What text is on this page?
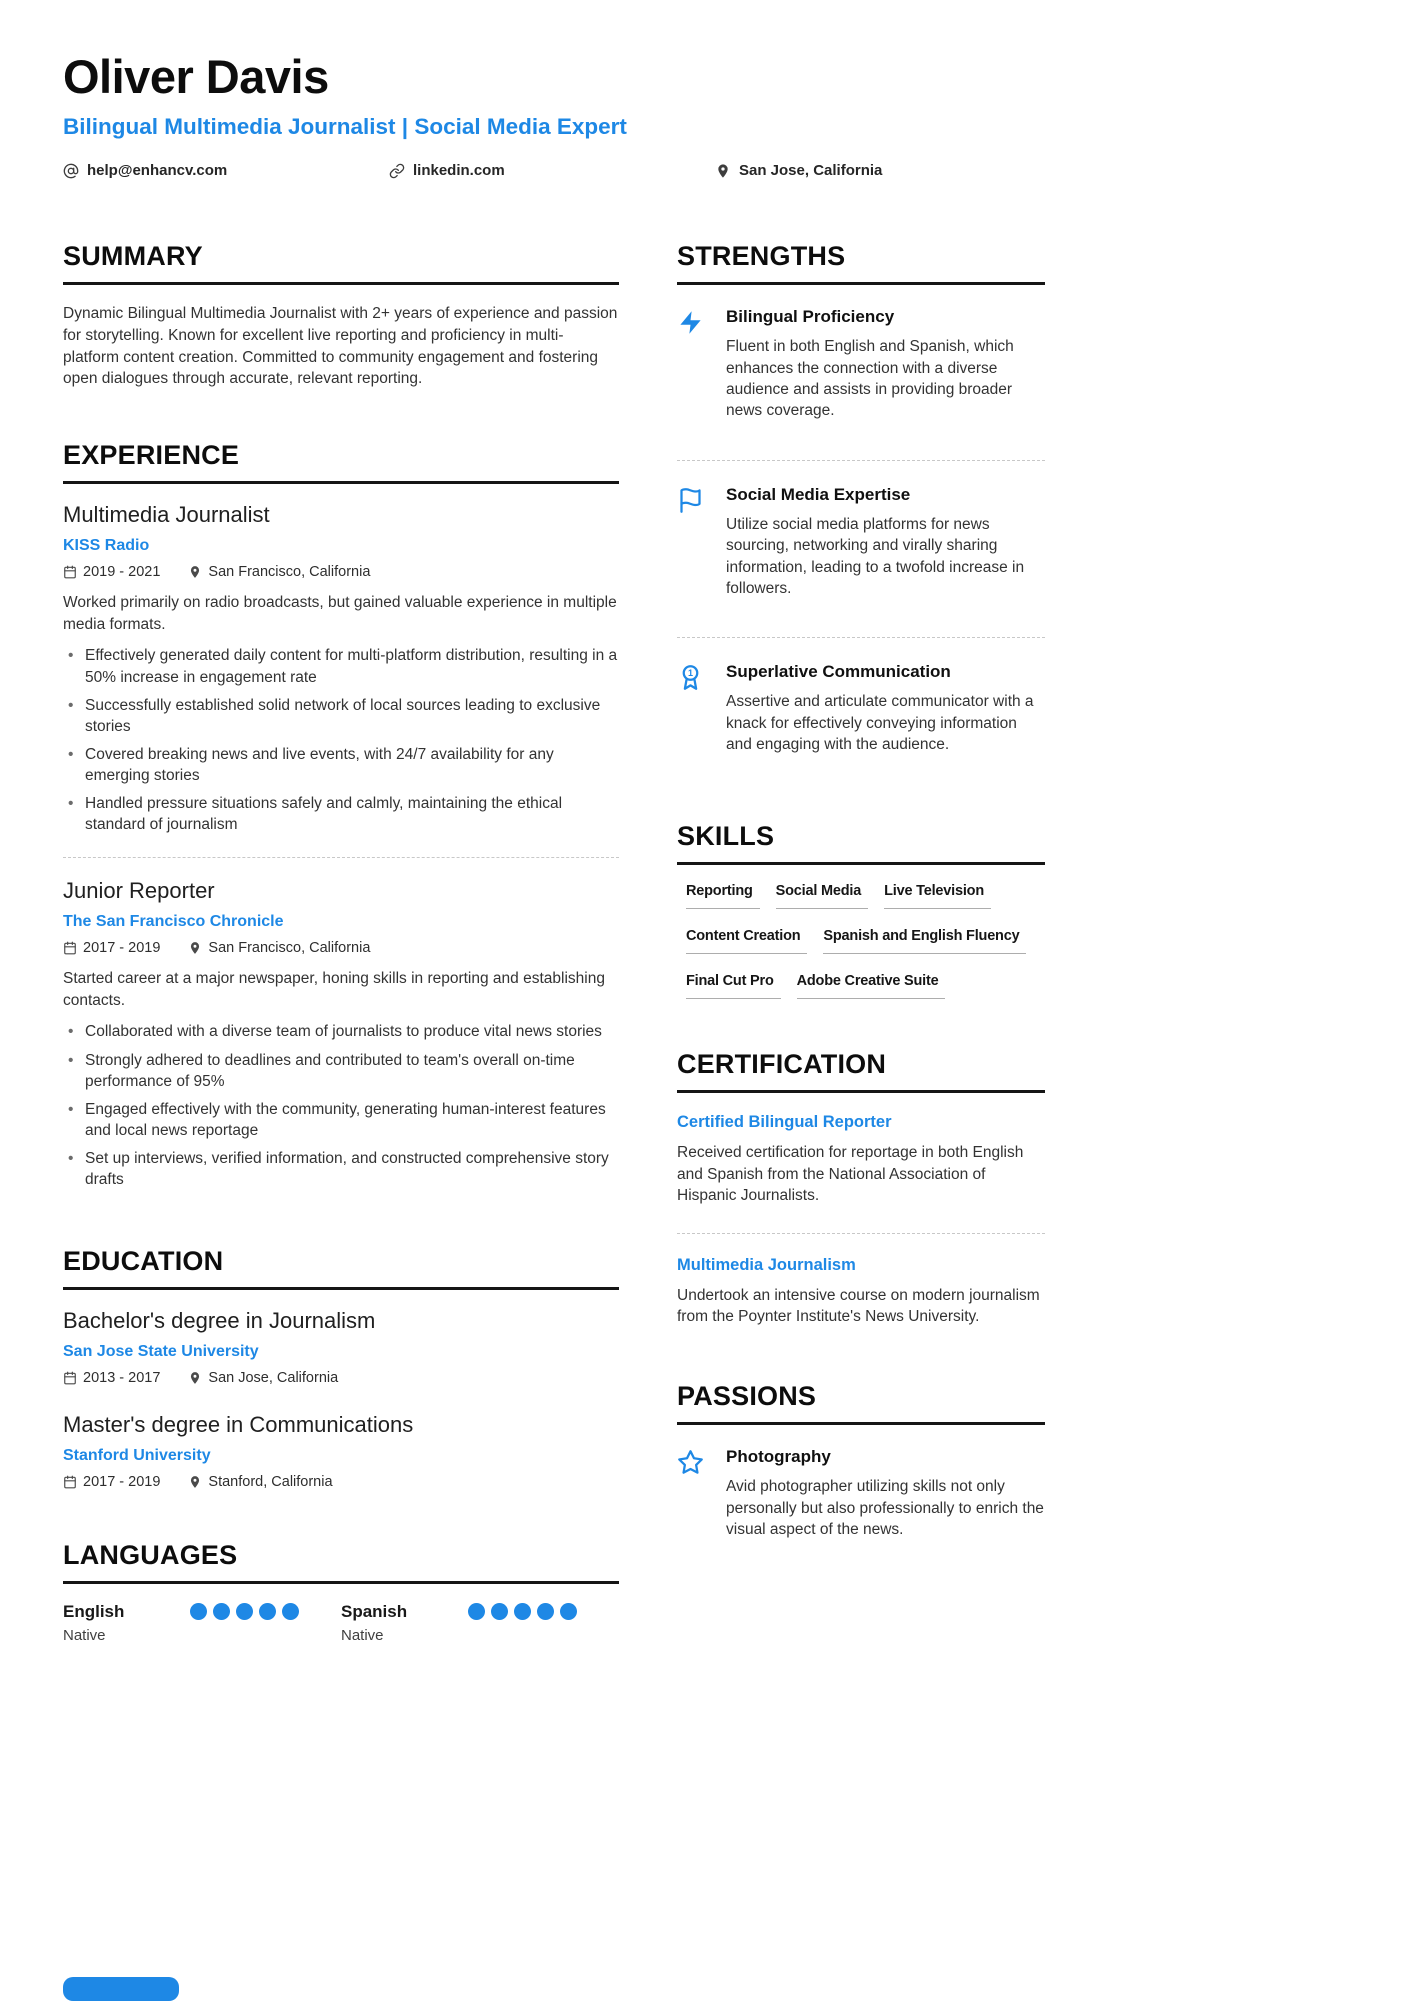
Oliver Davis
Bilingual Multimedia Journalist | Social Media Expert
help@enhancv.com	linkedin.com	San Jose, California
SUMMARY

Dynamic Bilingual Multimedia Journalist with 2+ years of experience and passion for storytelling. Known for excellent live reporting and proficiency in multi-platform content creation. Committed to community engagement and fostering open dialogues through accurate, relevant reporting.

EXPERIENCE
Multimedia Journalist
KISS Radio
2019 - 2021	San Francisco, California

Worked primarily on radio broadcasts, but gained valuable experience in multiple media formats.

• Effectively generated daily content for multi-platform distribution, resulting in a 50% increase in engagement rate
• Successfully established solid network of local sources leading to exclusive stories
• Covered breaking news and live events, with 24/7 availability for any emerging stories
• Handled pressure situations safely and calmly, maintaining the ethical standard of journalism
Junior Reporter
The San Francisco Chronicle
2017 - 2019	San Francisco, California

Started career at a major newspaper, honing skills in reporting and establishing contacts.

• Collaborated with a diverse team of journalists to produce vital news stories
• Strongly adhered to deadlines and contributed to team's overall on-time performance of 95%
• Engaged effectively with the community, generating human-interest features and local news reportage
• Set up interviews, verified information, and constructed comprehensive story drafts
EDUCATION
Bachelor's degree in Journalism
San Jose State University
2013 - 2017	San Jose, California
Master's degree in Communications
Stanford University
2017 - 2019	Stanford, California
LANGUAGES
English
Native
Spanish
Native
STRENGTHS
Bilingual Proficiency
Fluent in both English and Spanish, which enhances the connection with a diverse audience and assists in providing broader news coverage.
Social Media Expertise
Utilize social media platforms for news sourcing, networking and virally sharing information, leading to a twofold increase in followers.
1 Superlative Communication
Assertive and articulate communicator with a knack for effectively conveying information and engaging with the audience.
SKILLS
Reporting	Social Media	Live Television
Content Creation	Spanish and English Fluency
Final Cut Pro	Adobe Creative Suite
CERTIFICATION
Certified Bilingual Reporter
Received certification for reportage in both English and Spanish from the National Association of Hispanic Journalists.
Multimedia Journalism
Undertook an intensive course on modern journalism from the Poynter Institute's News University.
PASSIONS
Photography
Avid photographer utilizing skills not only personally but also professionally to enrich the visual aspect of the news.
